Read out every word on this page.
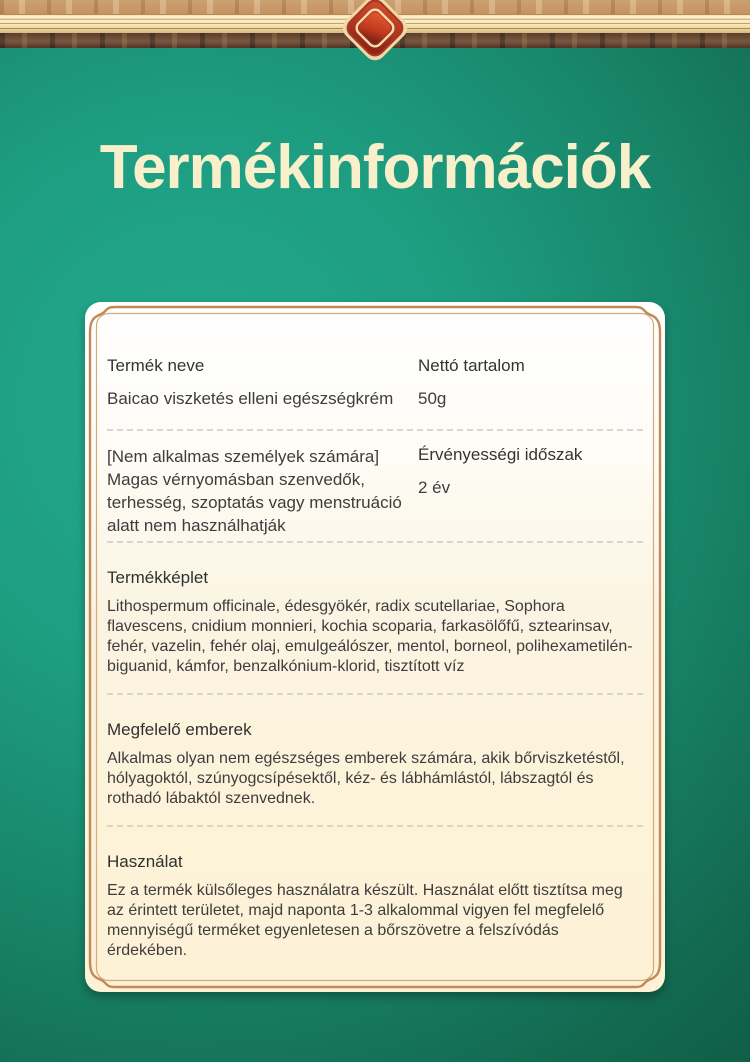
Termékinformációk
Termék neve
Baicao viszketés elleni egészségkrém
Nettó tartalom
50g
[Nem alkalmas személyek számára] Magas vérnyomásban szenvedők, terhesség, szoptatás vagy menstruáció alatt nem használhatják
Érvényességi időszak
2 év
Termékképlet

Lithospermum officinale, édesgyökér, radix scutellariae, Sophora flavescens, cnidium monnieri, kochia scoparia, farkasölőfű, sztearinsav, fehér, vazelin, fehér olaj, emulgeálószer, mentol, borneol, polihexametilén-biguanid, kámfor, benzalkónium-klorid, tisztított víz

Megfelelő emberek

Alkalmas olyan nem egészséges emberek számára, akik bőrviszketéstől, hólyagoktól, szúnyogcsípésektől, kéz- és lábhámlástól, lábszagtól és rothadó lábaktól szenvednek.

Használat

Ez a termék külsőleges használatra készült. Használat előtt tisztítsa meg az érintett területet, majd naponta 1-3 alkalommal vigyen fel megfelelő mennyiségű terméket egyenletesen a bőrszövetre a felszívódás érdekében.
